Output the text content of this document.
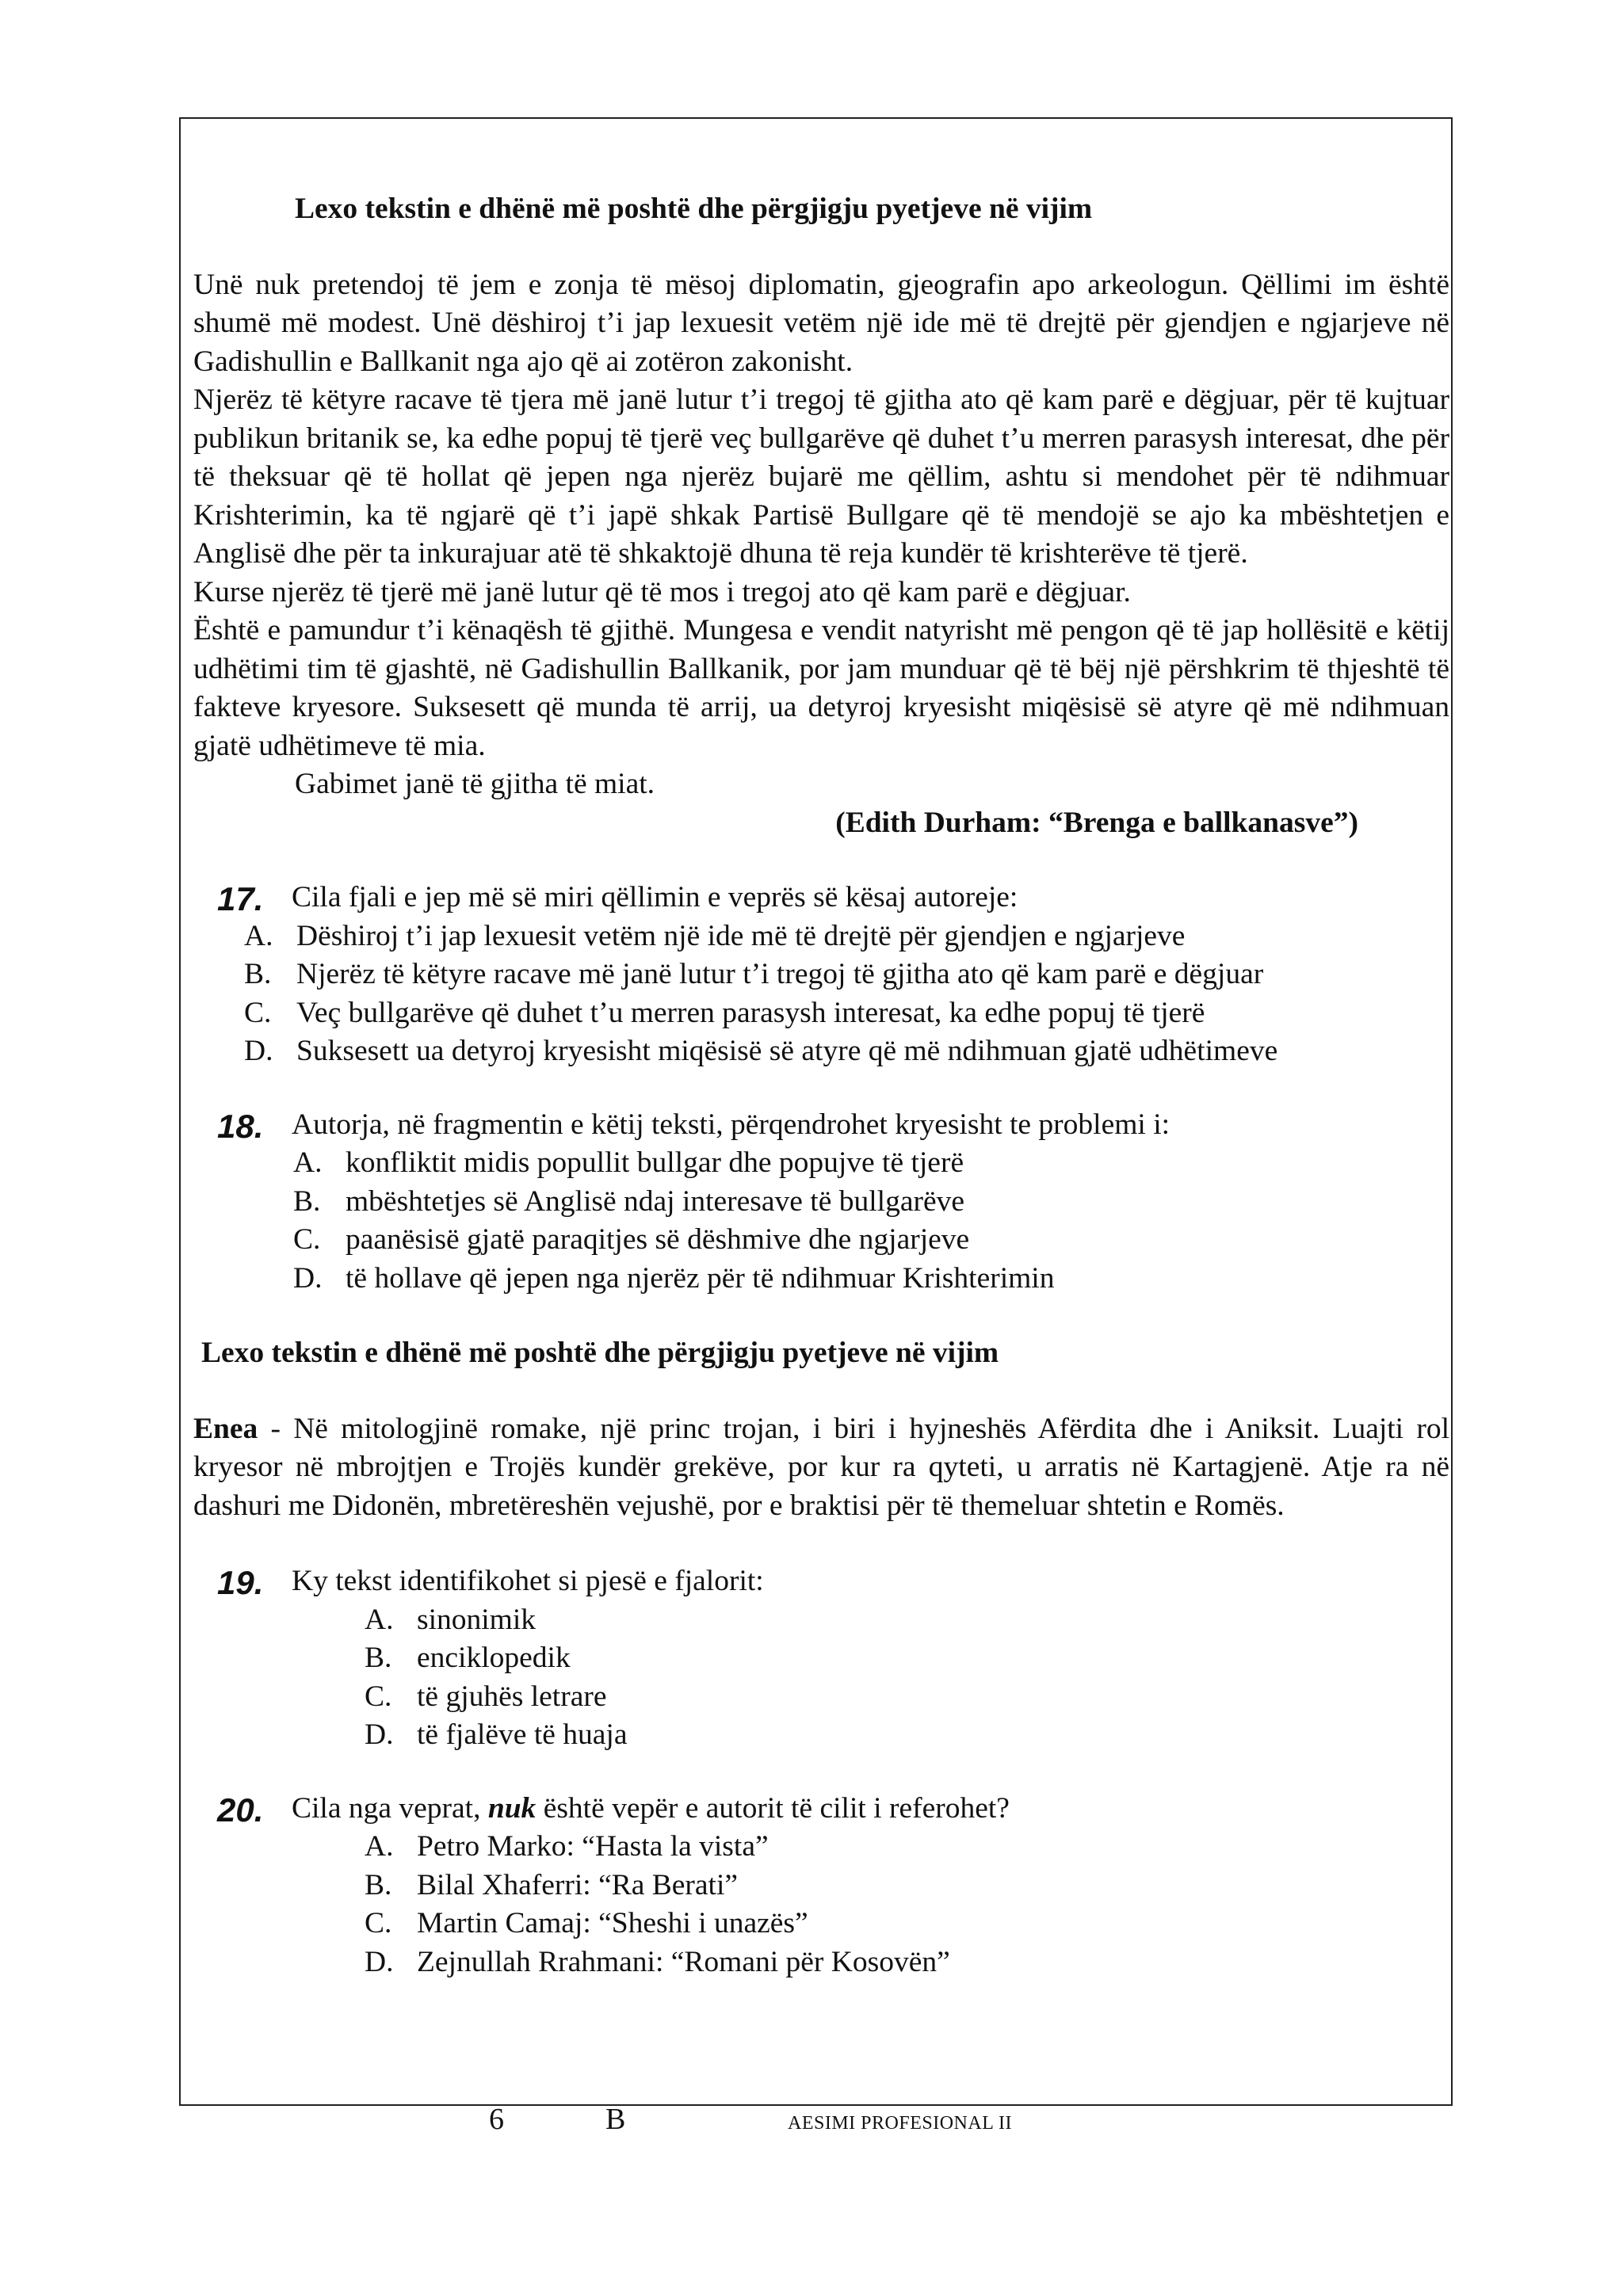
Lexo tekstin e dhënë më poshtë dhe përgjigju pyetjeve në vijim
Unë nuk pretendoj të jem e zonja të mësoj diplomatin, gjeografin apo arkeologun. Qëllimi im është shumë më modest. Unë dëshiroj t’i jap lexuesit vetëm një ide më të drejtë për gjendjen e ngjarjeve në Gadishullin e Ballkanit nga ajo që ai zotëron zakonisht.
Njerëz të këtyre racave të tjera më janë lutur t’i tregoj të gjitha ato që kam parë e dëgjuar, për të kujtuar publikun britanik se, ka edhe popuj të tjerë veç bullgarëve që duhet t’u merren parasysh interesat, dhe për të theksuar që të hollat që jepen nga njerëz bujarë me qëllim, ashtu si mendohet për të ndihmuar Krishterimin, ka të ngjarë që t’i japë shkak Partisë Bullgare që të mendojë se ajo ka mbështetjen e Anglisë dhe për ta inkurajuar atë të shkaktojë dhuna të reja kundër të krishterëve të tjerë.
Kurse njerëz të tjerë më janë lutur që të mos i tregoj ato që kam parë e dëgjuar.
Është e pamundur t’i kënaqësh të gjithë. Mungesa e vendit natyrisht më pengon që të jap hollësitë e këtij udhëtimi tim të gjashtë, në Gadishullin Ballkanik, por jam munduar që të bëj një përshkrim të thjeshtë të fakteve kryesore. Suksesett që munda të arrij, ua detyroj kryesisht miqësisë së atyre që më ndihmuan gjatë udhëtimeve të mia.
Gabimet janë të gjitha të miat.
(Edith Durham: “Brenga e ballkanasve”)
17. Cila fjali e jep më së miri qëllimin e veprës së kësaj autoreje:
A. Dëshiroj t’i jap lexuesit vetëm një ide më të drejtë për gjendjen e ngjarjeve
B. Njerëz të këtyre racave më janë lutur t’i tregoj të gjitha ato që kam parë e dëgjuar
C. Veç bullgarëve që duhet t’u merren parasysh interesat, ka edhe popuj të tjerë
D. Suksesett ua detyroj kryesisht miqësisë së atyre që më ndihmuan gjatë udhëtimeve
18. Autorja, në fragmentin e këtij teksti, përqendrohet kryesisht te problemi i:
A. konfliktit midis popullit bullgar dhe popujve të tjerë
B. mbështetjes së Anglisë ndaj interesave të bullgarëve
C. paanësisë gjatë paraqitjes së dëshmive dhe ngjarjeve
D. të hollave që jepen nga njerëz për të ndihmuar Krishterimin
Lexo tekstin e dhënë më poshtë dhe përgjigju pyetjeve në vijim
Enea - Në mitologjinë romake, një princ trojan, i biri i hyjneshës Afërdita dhe i Aniksit. Luajti rol kryesor në mbrojtjen e Trojës kundër grekëve, por kur ra qyteti, u arratis në Kartagjenë. Atje ra në dashuri me Didonën, mbretëreshën vejushë, por e braktisi për të themeluar shtetin e Romës.
19. Ky tekst identifikohet si pjesë e fjalorit:
A. sinonimik
B. enciklopedik
C. të gjuhës letrare
D. të fjalëve të huaja
20. Cila nga veprat, nuk është vepër e autorit të cilit i referohet?
A. Petro Marko: “Hasta la vista”
B. Bilal Xhaferri: “Ra Berati”
C. Martin Camaj: “Sheshi i unazës”
D. Zejnullah Rrahmani: “Romani për Kosovën”
6	B	AESIMI PROFESIONAL II
